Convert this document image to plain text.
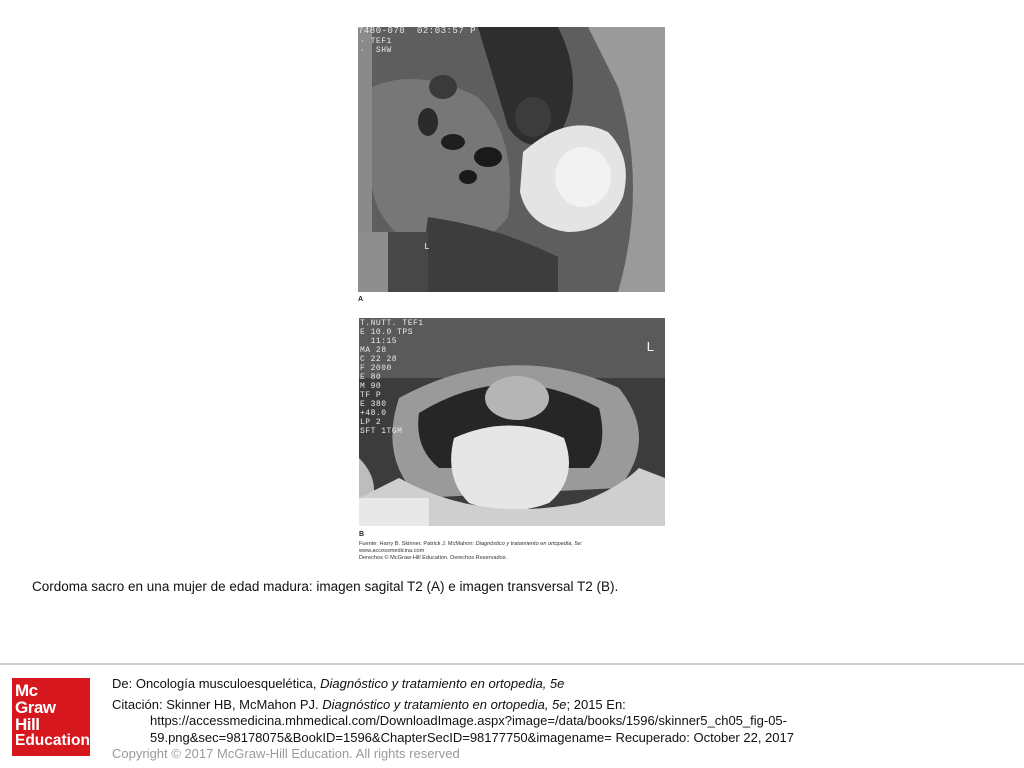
7480-070  02:03:57 P
· TEF1
·  SHW
L
A
T.NUTT. TEF1
E 10.0 TPS
11:15
MA 28
C 22 28
F 2000
E 80
M 90
TF P
E 380
+48.0
LP 2
SFT 1TGM
L
B
Fuente: Harry B. Skinner, Patrick J. McMahon: Diagnóstico y tratamiento en ortopedia, 5e:
www.accessmedicina.com
Derechos © McGraw-Hill Education. Derechos Reservados.
Cordoma sacro en una mujer de edad madura: imagen sagital T2 (A) e imagen transversal T2 (B).
Mc
Graw
Hill
Education
De: Oncología musculoesquelética, Diagnóstico y tratamiento en ortopedia, 5e
Citación: Skinner HB, McMahon PJ. Diagnóstico y tratamiento en ortopedia, 5e; 2015 En:
https://accessmedicina.mhmedical.com/DownloadImage.aspx?image=/data/books/1596/skinner5_ch05_fig-05-
59.png&sec=98178075&BookID=1596&ChapterSecID=98177750&imagename= Recuperado: October 22, 2017
Copyright © 2017 McGraw-Hill Education. All rights reserved
